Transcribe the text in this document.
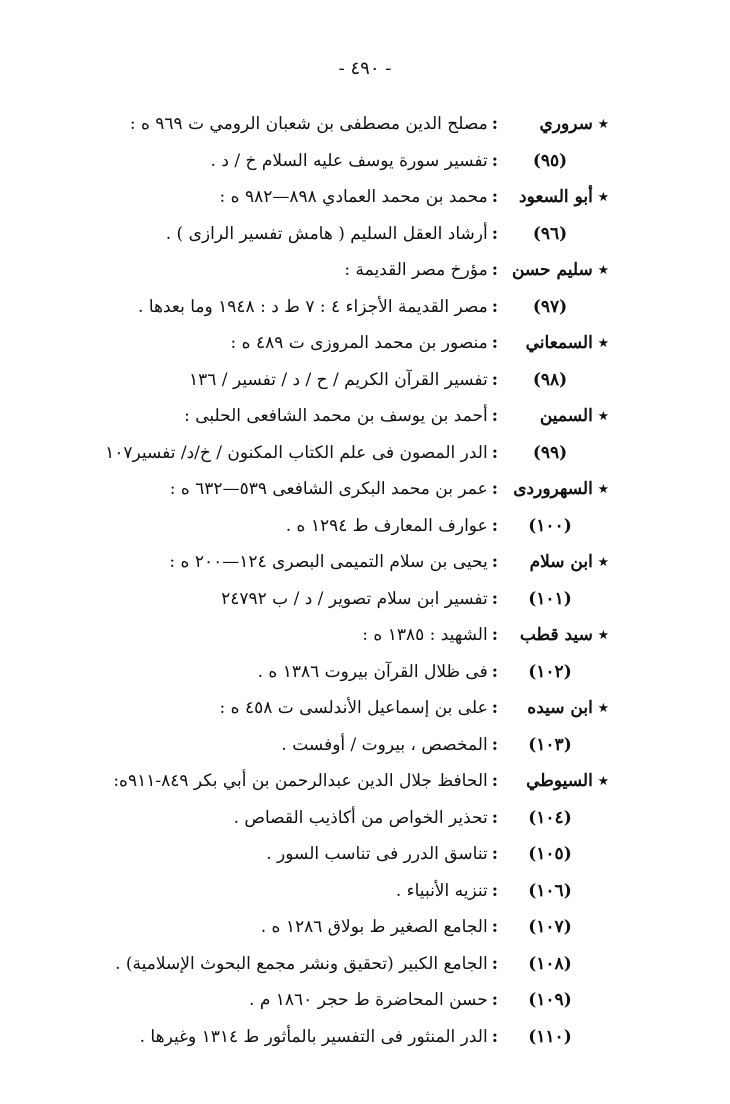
- ٤٩٠ -
٭ سروري
:مصلح الدين مصطفى بن شعبان الرومي ت ٩٦٩ ه :
(٩٥)
:تفسير سورة يوسف عليه السلام خ / د .
٭ أبو السعود
:محمد بن محمد العمادي ٨٩٨—٩٨٢ ه :
(٩٦)
:أرشاد العقل السليم ( هامش تفسير الرازى ) .
٭ سليم حسن
:مؤرخ مصر القديمة :
(٩٧)
:مصر القديمة الأجزاء ٤ : ٧ ط د : ١٩٤٨ وما بعدها .
٭ السمعاني
:منصور بن محمد المروزى ت ٤٨٩ ه :
(٩٨)
:تفسير القرآن الكريم / ح / د / تفسير / ١٣٦
٭ السمين
:أحمد بن يوسف بن محمد الشافعى الحلبى :
(٩٩)
:الدر المصون فى علم الكتاب المكنون / خ/د/ تفسير١٠٧
٭ السهروردى
:عمر بن محمد البكرى الشافعى ٥٣٩—٦٣٢ ه :
(١٠٠)
:عوارف المعارف ط ١٢٩٤ ه .
٭ ابن سلام
:يحيى بن سلام التميمى البصرى ١٢٤—٢٠٠ ه :
(١٠١)
:تفسير ابن سلام تصوير / د / ب ٢٤٧٩٢
٭ سيد قطب
:الشهيد : ١٣٨٥ ه :
(١٠٢)
:فى ظلال القرآن بيروت ١٣٨٦ ه .
٭ ابن سيده
:على بن إسماعيل الأندلسى ت ٤٥٨ ه :
(١٠٣)
:المخصص ، بيروت / أوفست .
٭ السيوطي
:الحافظ جلال الدين عبدالرحمن بن أبي بكر ٨٤٩-٩١١ه:
(١٠٤)
:تحذير الخواص من أكاذيب القصاص .
(١٠٥)
:تناسق الدرر فى تناسب السور .
(١٠٦)
:تنزيه الأنبياء .
(١٠٧)
:الجامع الصغير ط بولاق ١٢٨٦ ه .
(١٠٨)
:الجامع الكبير (تحقيق ونشر مجمع البحوث الإسلامية) .
(١٠٩)
:حسن المحاضرة ط حجر ١٨٦٠ م .
(١١٠)
:الدر المنثور فى التفسير بالمأثور ط ١٣١٤ وغيرها .
